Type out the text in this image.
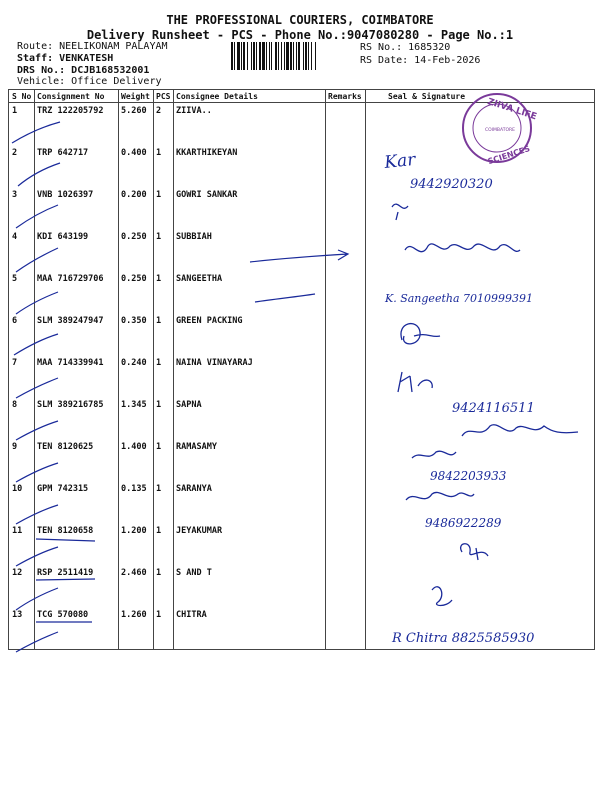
THE PROFESSIONAL COURIERS, COIMBATORE
Delivery Runsheet - PCS - Phone No.:9047080280 - Page No.:1
Route: NEELIKONAM PALAYAM
Staff: VENKATESH
DRS No.: DCJB168532001
Vehicle: Office Delivery
RS No.: 1685320
RS Date: 14-Feb-2026
S No	Consignment No	Weight	PCS	Consignee Details	Remarks	Seal & Signature
1	TRZ 122205792	5.260	2	ZIIVA..		
2	TRP 642717	0.400	1	KKARTHIKEYAN		
3	VNB 1026397	0.200	1	GOWRI SANKAR		
4	KDI 643199	0.250	1	SUBBIAH		
5	MAA 716729706	0.250	1	SANGEETHA		
6	SLM 389247947	0.350	1	GREEN PACKING		
7	MAA 714339941	0.240	1	NAINA VINAYARAJ		
8	SLM 389216785	1.345	1	SAPNA		
9	TEN 8120625	1.400	1	RAMASAMY		
10	GPM 742315	0.135	1	SARANYA		
11	TEN 8120658	1.200	1	JEYAKUMAR		
12	RSP 2511419	2.460	1	S AND T		
13	TCG 570080	1.260	1	CHITRA		
ZIIVA LIFE
SCIENCES
COIMBATORE
Kar
9442920320
K. Sangeetha 7010999391
9424116511
9842203933
9486922289
R Chitra 8825585930
